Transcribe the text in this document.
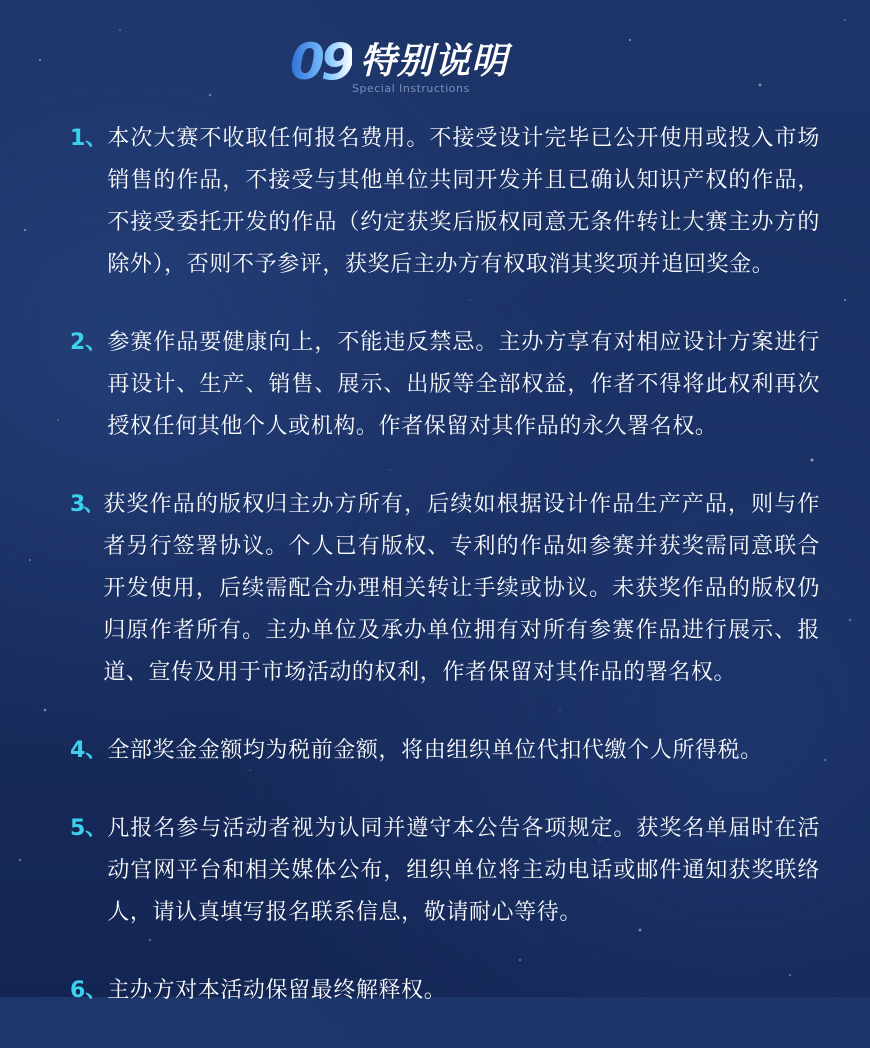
09 特别说明
Special Instructions
1、 本次大赛不收取任何报名费用。不接受设计完毕已公开使用或投入市场销售的作品，不接受与其他单位共同开发并且已确认知识产权的作品，不接受委托开发的作品（约定获奖后版权同意无条件转让大赛主办方的除外），否则不予参评，获奖后主办方有权取消其奖项并追回奖金。
2、 参赛作品要健康向上，不能违反禁忌。主办方享有对相应设计方案进行再设计、生产、销售、展示、出版等全部权益，作者不得将此权利再次授权任何其他个人或机构。作者保留对其作品的永久署名权。
3、 获奖作品的版权归主办方所有，后续如根据设计作品生产产品，则与作者另行签署协议。个人已有版权、专利的作品如参赛并获奖需同意联合开发使用，后续需配合办理相关转让手续或协议。未获奖作品的版权仍归原作者所有。主办单位及承办单位拥有对所有参赛作品进行展示、报道、宣传及用于市场活动的权利，作者保留对其作品的署名权。
4、 全部奖金金额均为税前金额，将由组织单位代扣代缴个人所得税。
5、 凡报名参与活动者视为认同并遵守本公告各项规定。获奖名单届时在活动官网平台和相关媒体公布，组织单位将主动电话或邮件通知获奖联络人，请认真填写报名联系信息，敬请耐心等待。
6、 主办方对本活动保留最终解释权。
